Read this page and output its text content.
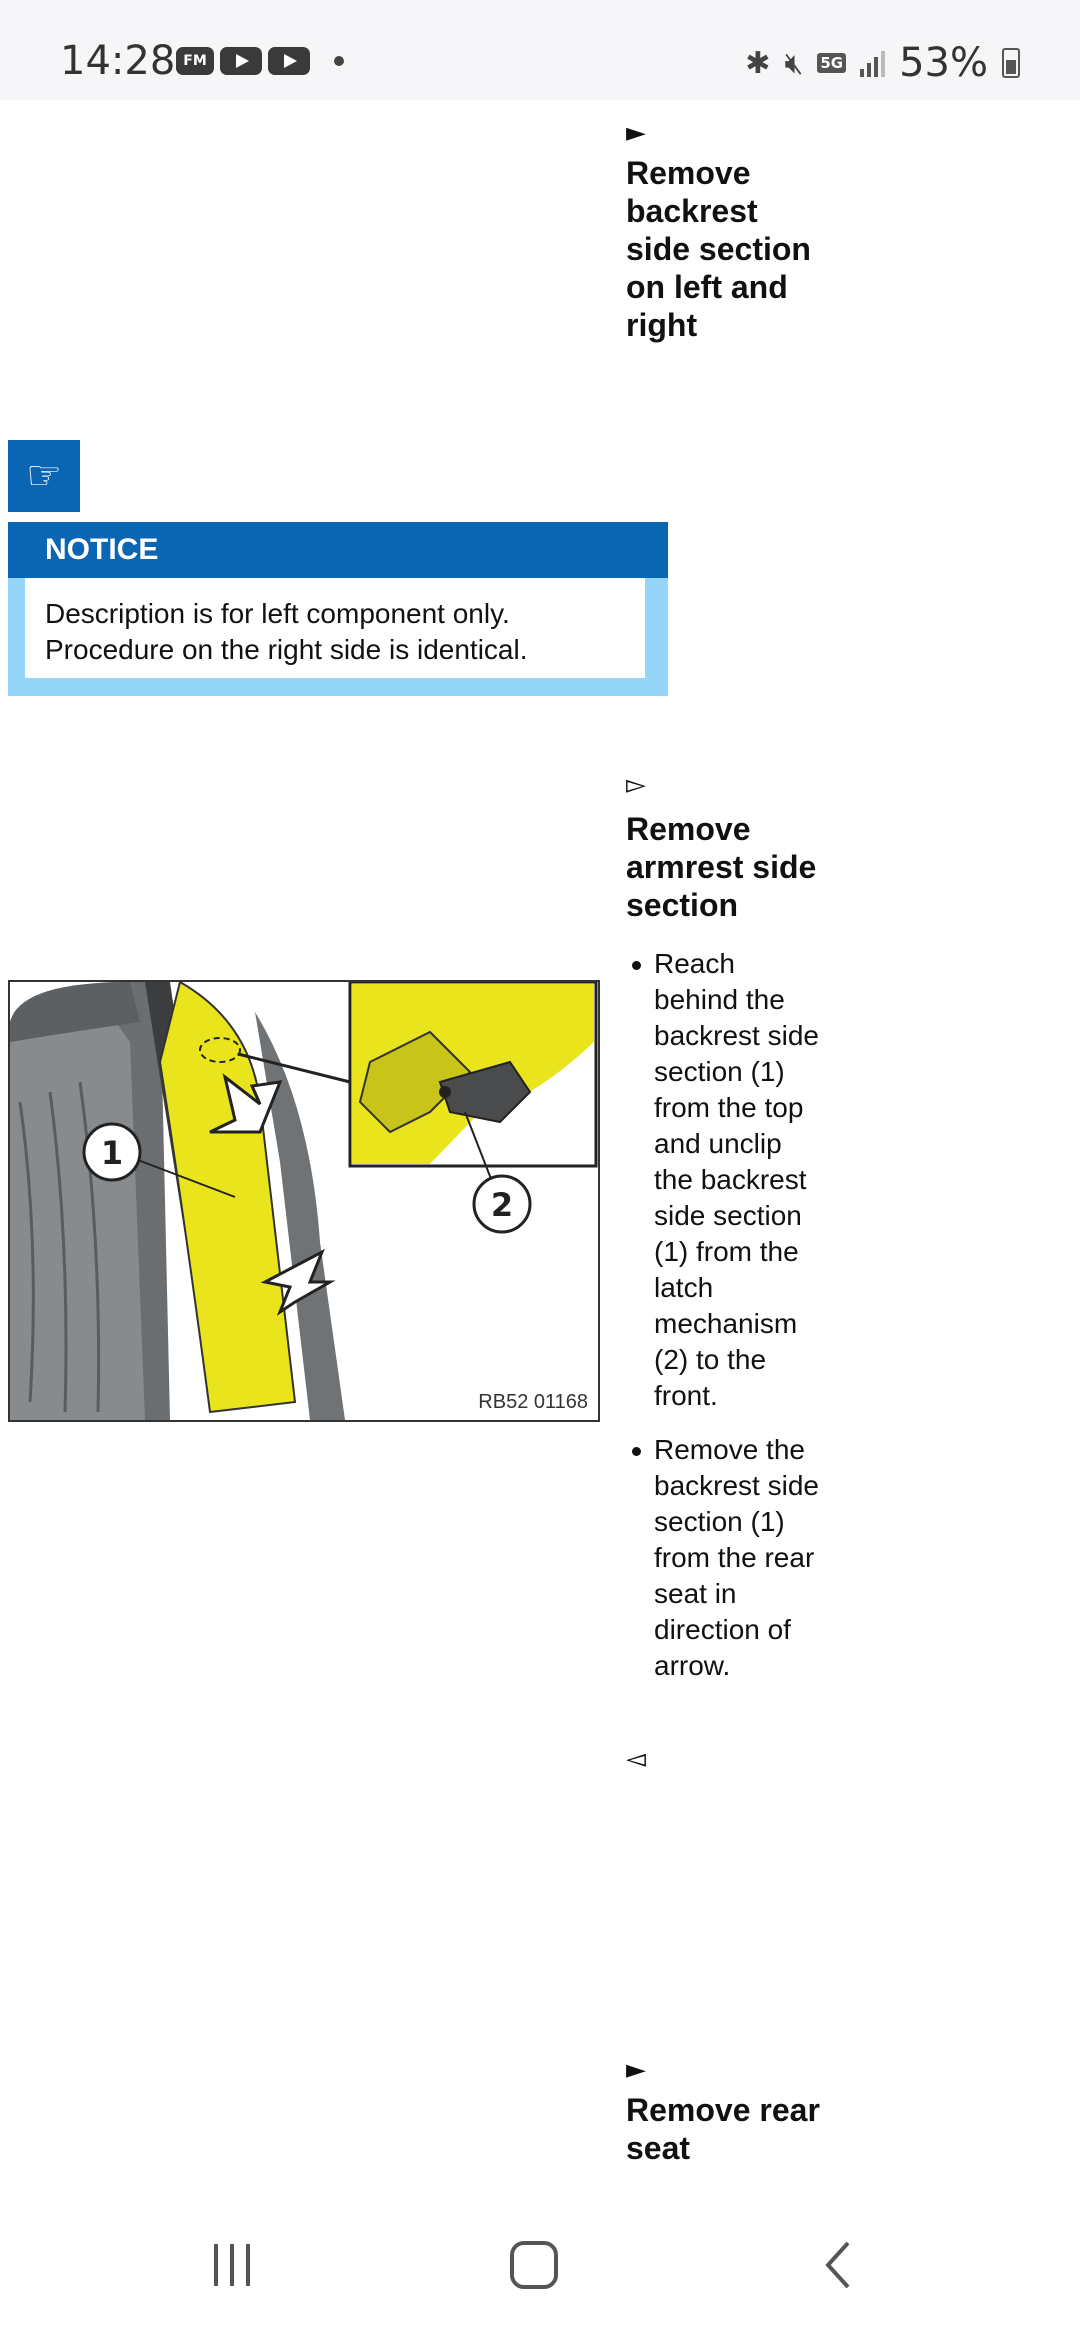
14:28 FM	✱ 🔇︎ 5G 53%
►
Remove backrest side section on left and right
☞
NOTICE
Description is for left component only.
Procedure on the right side is identical.
▻
Remove armrest side section
Reach behind the backrest side section (1) from the top and unclip the backrest side section (1) from the latch mechanism (2) to the front.
Remove the backrest side section (1) from the rear seat in direction of arrow.
◅
1
2
RB52 01168
►
Remove rear seat
